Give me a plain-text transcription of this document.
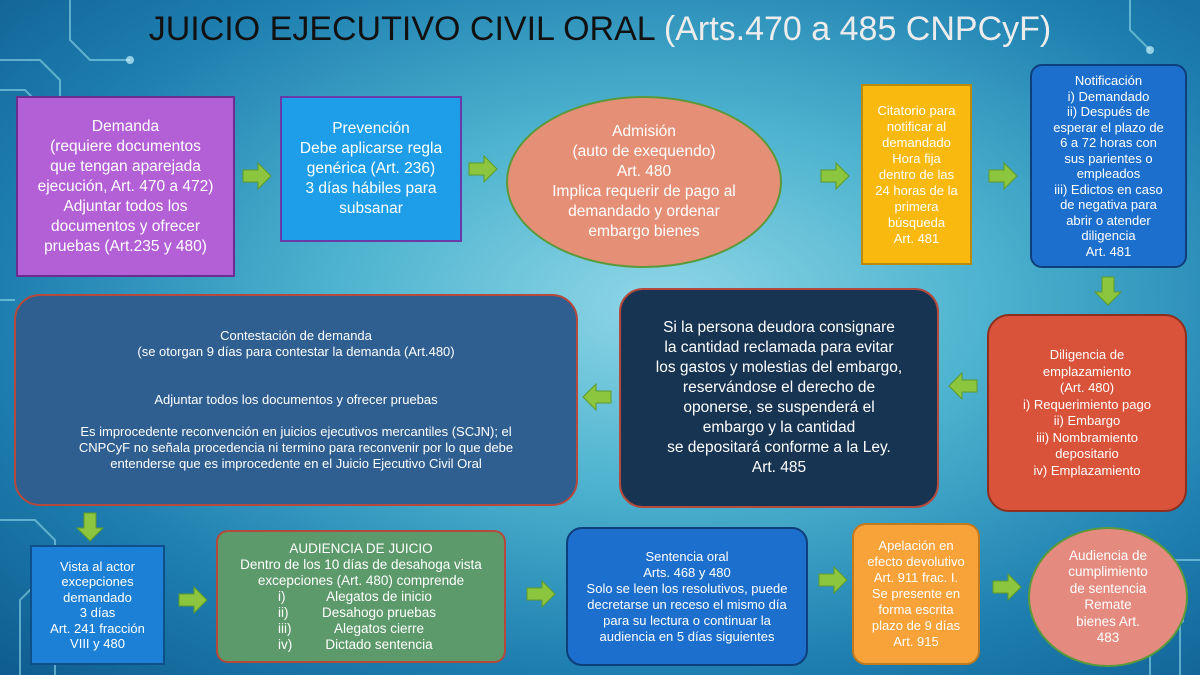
JUICIO EJECUTIVO CIVIL ORAL (Arts.470 a 485 CNPCyF)
Demanda
(requiere documentos
que tengan aparejada
ejecución, Art. 470 a 472)
Adjuntar todos los
documentos y ofrecer
pruebas (Art.235 y 480)
Prevención
Debe aplicarse regla
genérica (Art. 236)
3 días hábiles para
subsanar
Admisión
(auto de exequendo)
Art. 480
Implica requerir de pago al
demandado y ordenar
embargo bienes
Citatorio para
notificar al
demandado
Hora fija
dentro de las
24 horas de la
primera
búsqueda
Art. 481
Notificación
i) Demandado
ii) Después de
esperar el plazo de
6 a 72 horas con
sus parientes o
empleados
iii) Edictos en caso
de negativa para
abrir o atender
diligencia
Art. 481
Contestación de demanda
(se otorgan 9 días para contestar la demanda (Art.480)

Adjuntar todos los documentos y ofrecer pruebas

Es improcedente reconvención en juicios ejecutivos mercantiles (SCJN); el
CNPCyF no señala procedencia ni termino para reconvenir por lo que debe
entenderse que es improcedente en el Juicio Ejecutivo Civil Oral
Si la persona deudora consignare
la cantidad reclamada para evitar
los gastos y molestias del embargo,
reservándose el derecho de
oponerse, se suspenderá el
embargo y la cantidad
se depositará conforme a la Ley.
Art. 485
Diligencia de
emplazamiento
(Art. 480)
i) Requerimiento pago
ii) Embargo
iii) Nombramiento
depositario
iv) Emplazamiento
Vista al actor
excepciones
demandado
3 días
Art. 241 fracción
VIII y 480
AUDIENCIA DE JUICIO
Dentro de los 10 días de desahoga vista
excepciones (Art. 480) comprende
i)	Alegatos de inicio
ii)	Desahogo pruebas
iii)	Alegatos cierre
iv)	Dictado sentencia
Sentencia oral
Arts. 468 y 480
Solo se leen los resolutivos, puede
decretarse un receso el mismo día
para su lectura o continuar la
audiencia en 5 días siguientes
Apelación en
efecto devolutivo
Art. 911 frac. I.
Se presente en
forma escrita
plazo de 9 días
Art. 915
Audiencia de
cumplimiento
de sentencia
Remate
bienes Art.
483
